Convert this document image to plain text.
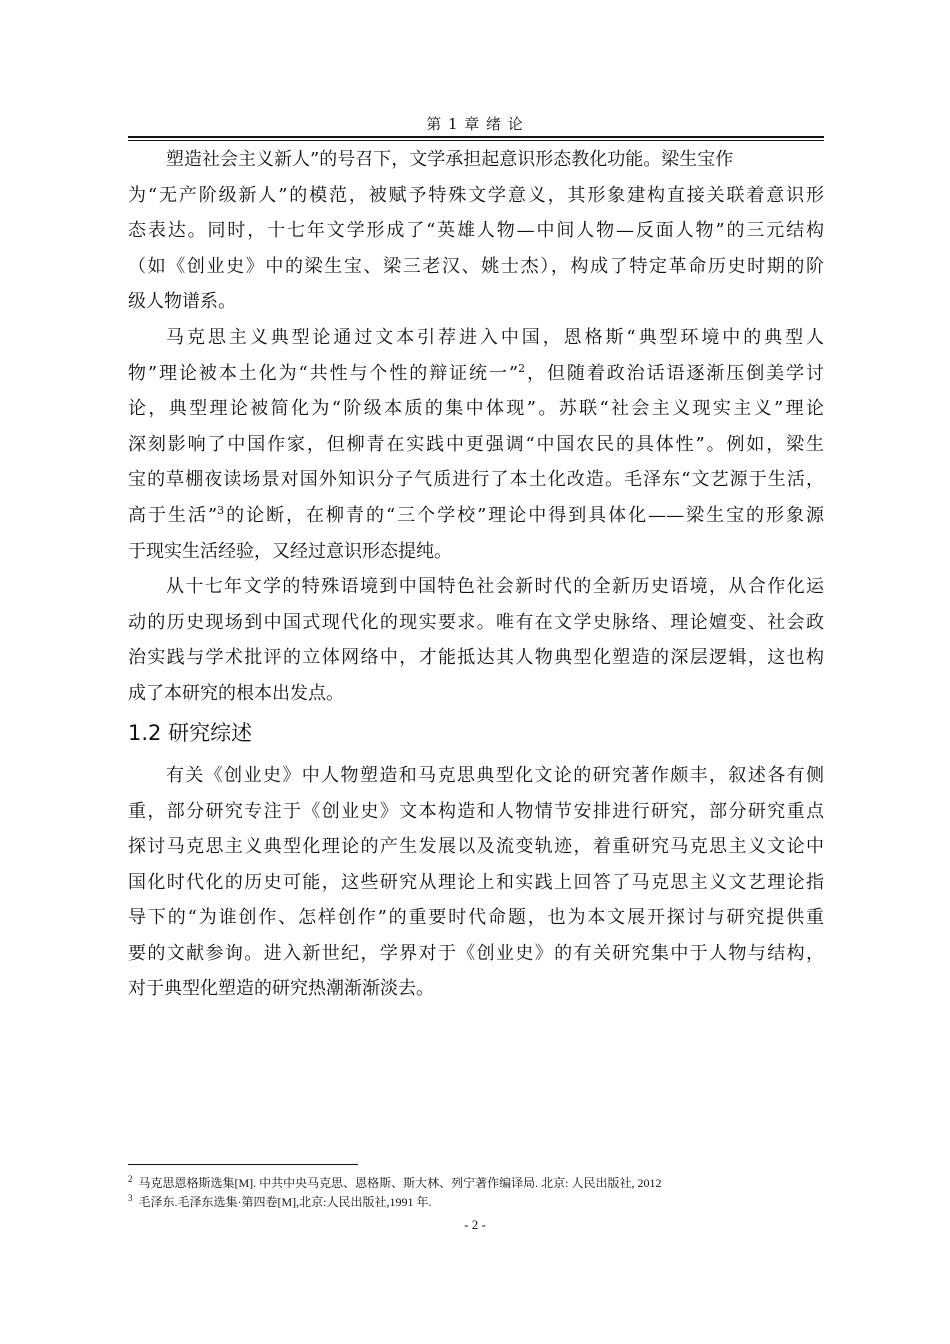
第 1 章 绪 论
塑造社会主义新人”的号召下，文学承担起意识形态教化功能。梁生宝作
为“无产阶级新人”的模范，被赋予特殊文学意义，其形象建构直接关联着意识形
态表达。同时，十七年文学形成了“英雄人物—中间人物—反面人物”的三元结构
（如《创业史》中的梁生宝、梁三老汉、姚士杰），构成了特定革命历史时期的阶
级人物谱系。
马克思主义典型论通过文本引荐进入中国，恩格斯“典型环境中的典型人
物”理论被本土化为“共性与个性的辩证统一”$^2$，但随着政治话语逐渐压倒美学讨
论，典型理论被简化为“阶级本质的集中体现”。苏联“社会主义现实主义”理论
深刻影响了中国作家，但柳青在实践中更强调“中国农民的具体性”。例如，梁生
宝的草棚夜读场景对国外知识分子气质进行了本土化改造。毛泽东“文艺源于生活，
高于生活”$^3$的论断，在柳青的“三个学校”理论中得到具体化——梁生宝的形象源
于现实生活经验，又经过意识形态提纯。
从十七年文学的特殊语境到中国特色社会新时代的全新历史语境，从合作化运
动的历史现场到中国式现代化的现实要求。唯有在文学史脉络、理论嬗变、社会政
治实践与学术批评的立体网络中，才能抵达其人物典型化塑造的深层逻辑，这也构
成了本研究的根本出发点。
1.2 研究综述
有关《创业史》中人物塑造和马克思典型化文论的研究著作颇丰，叙述各有侧
重，部分研究专注于《创业史》文本构造和人物情节安排进行研究，部分研究重点
探讨马克思主义典型化理论的产生发展以及流变轨迹，着重研究马克思主义文论中
国化时代化的历史可能，这些研究从理论上和实践上回答了马克思主义文艺理论指
导下的“为谁创作、怎样创作”的重要时代命题，也为本文展开探讨与研究提供重
要的文献参询。进入新世纪，学界对于《创业史》的有关研究集中于人物与结构，
对于典型化塑造的研究热潮渐渐淡去。
$^2$ 马克思恩格斯选集[M]. 中共中央马克思、恩格斯、斯大林、列宁著作编译局. 北京: 人民出版社, 2012
$^3$ 毛泽东.毛泽东选集·第四卷[M],北京:人民出版社,1991 年.
- 2 -
